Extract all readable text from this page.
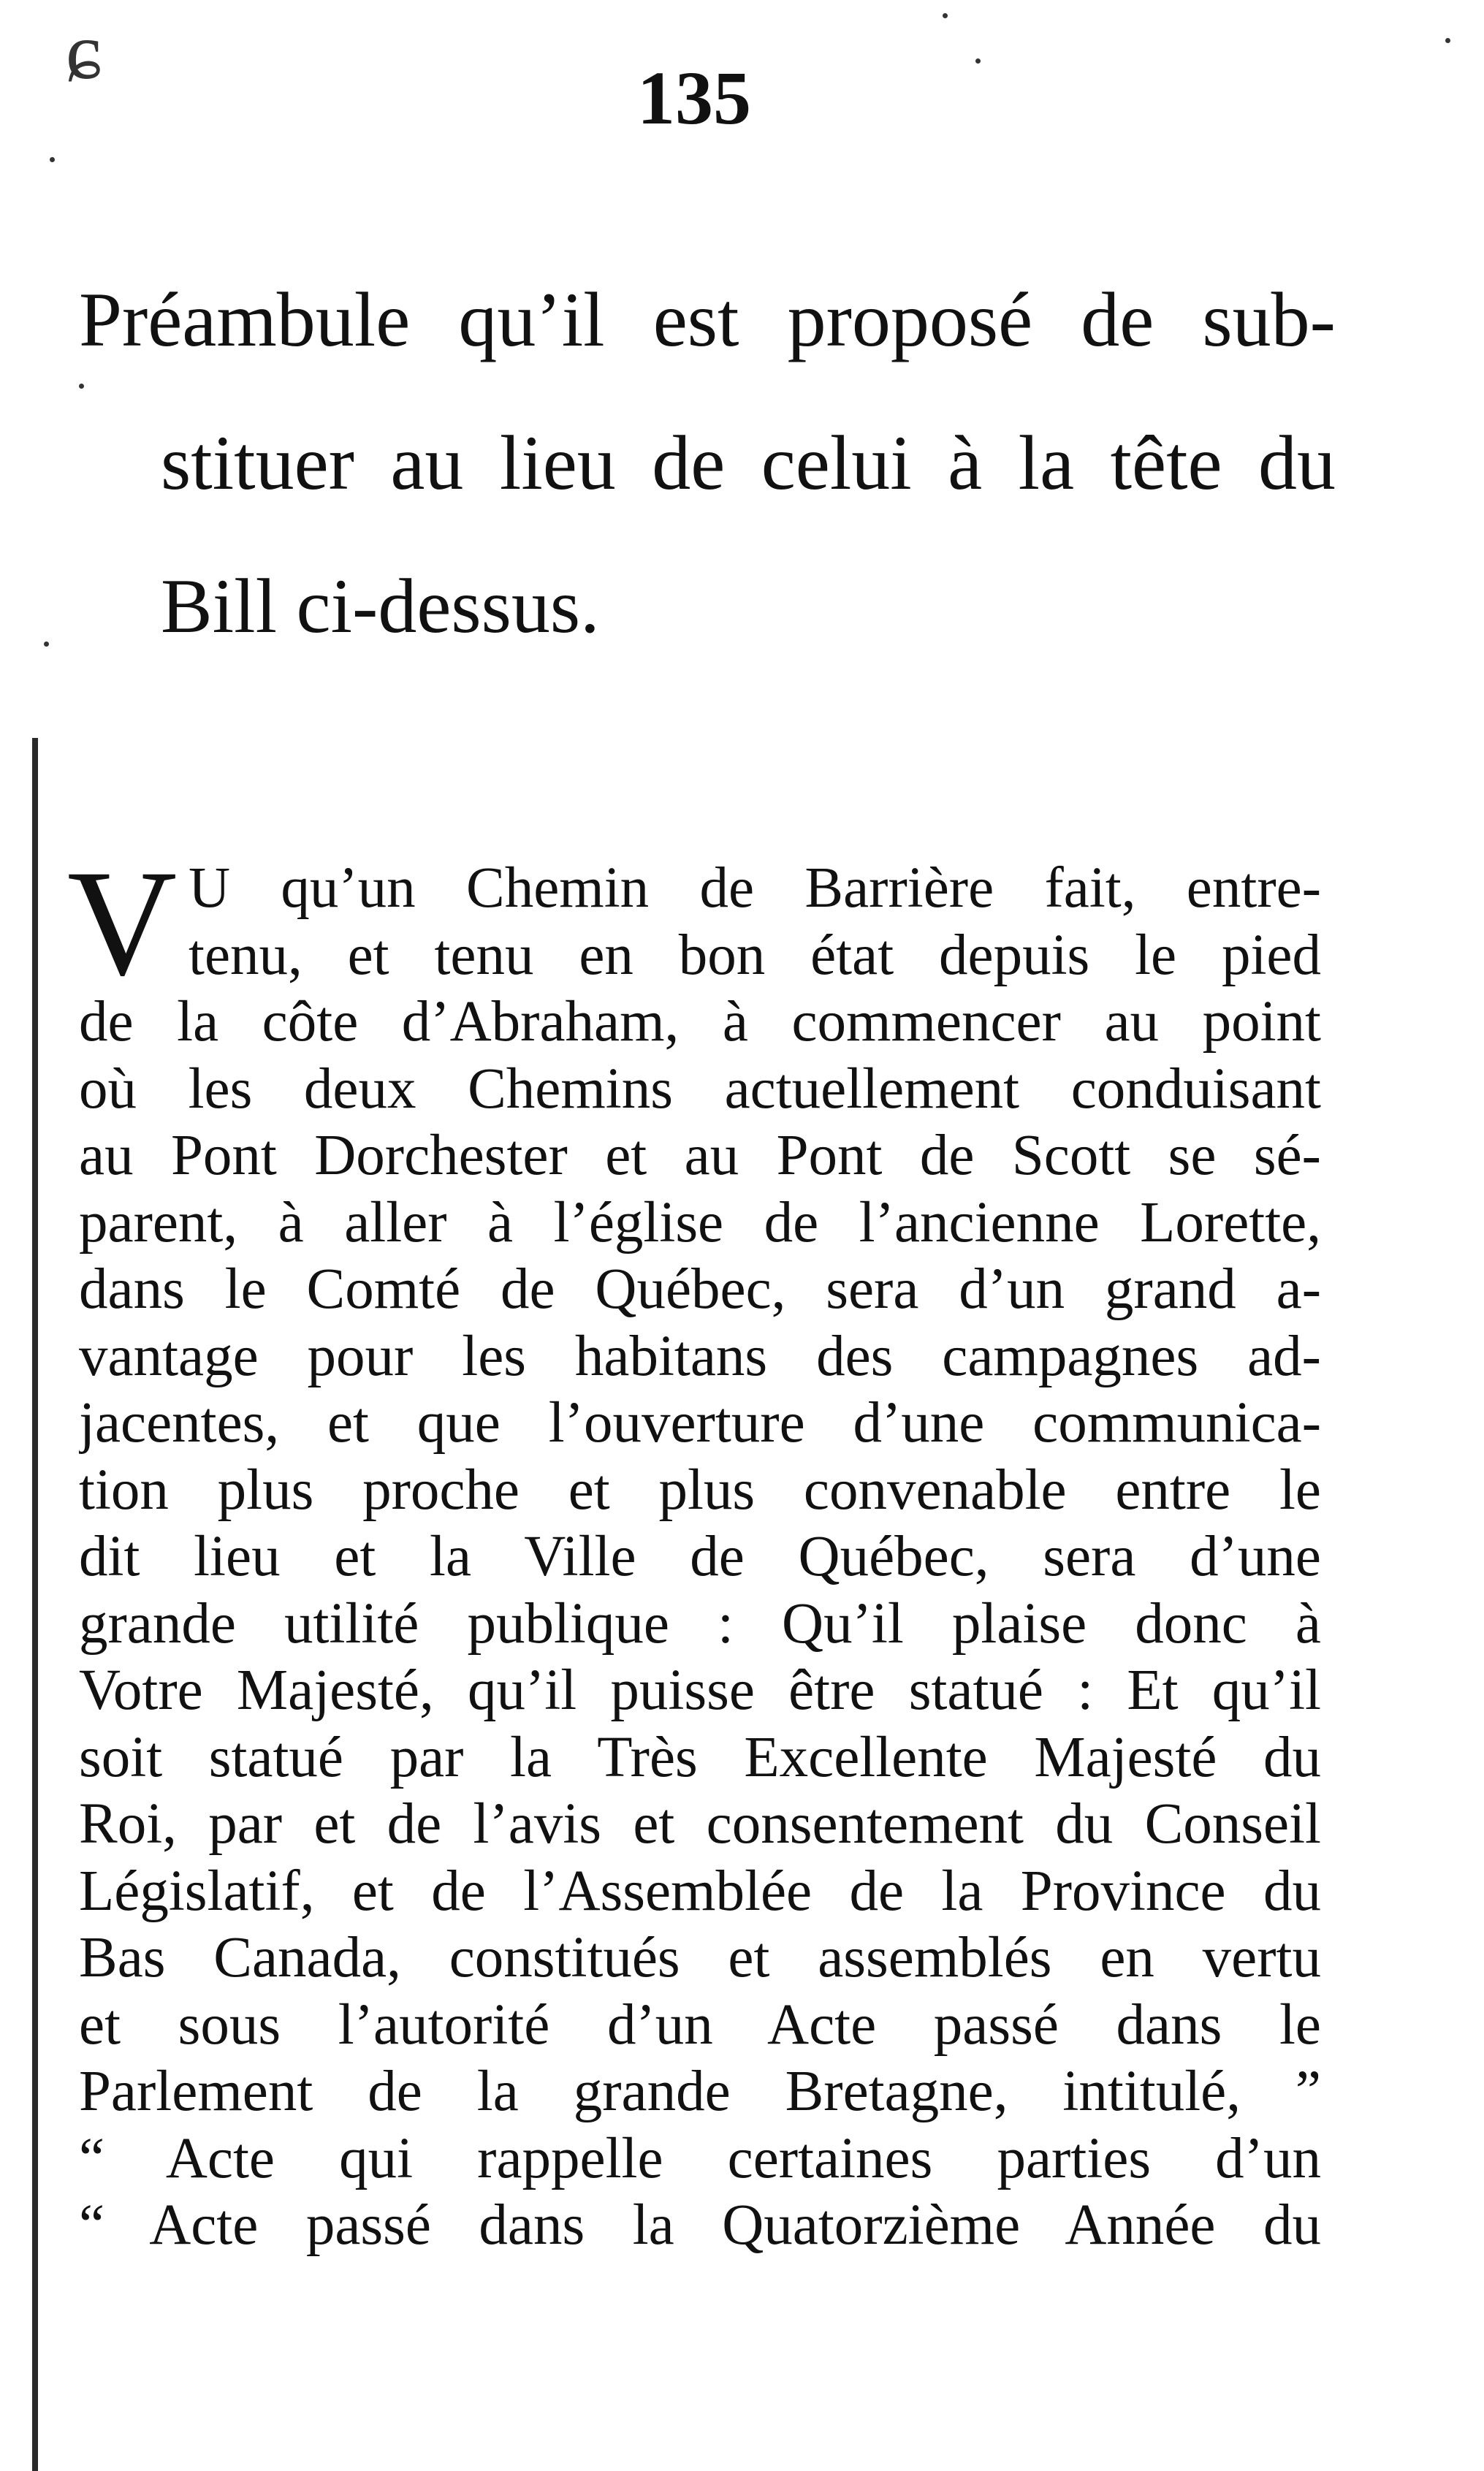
ɕ
135
Préambule qu’il est proposé de sub-
stituer au lieu de celui à la tête du
Bill ci-dessus.
V U qu’un Chemin de Barrière fait, entre-
tenu, et tenu en bon état depuis le pied
de la côte d’Abraham, à commencer au point
où les deux Chemins actuellement conduisant
au Pont Dorchester et au Pont de Scott se sé-
parent, à aller à l’église de l’ancienne Lorette,
dans le Comté de Québec, sera d’un grand a-
vantage pour les habitans des campagnes ad-
jacentes, et que l’ouverture d’une communica-
tion plus proche et plus convenable entre le
dit lieu et la Ville de Québec, sera d’une
grande utilité publique : Qu’il plaise donc à
Votre Majesté, qu’il puisse être statué : Et qu’il
soit statué par la Très Excellente Majesté du
Roi, par et de l’avis et consentement du Conseil
Législatif, et de l’Assemblée de la Province du
Bas Canada, constitués et assemblés en vertu
et sous l’autorité d’un Acte passé dans le
Parlement de la grande Bretagne, intitulé, ”
“ Acte qui rappelle certaines parties d’un
“ Acte passé dans la Quatorzième Année du
